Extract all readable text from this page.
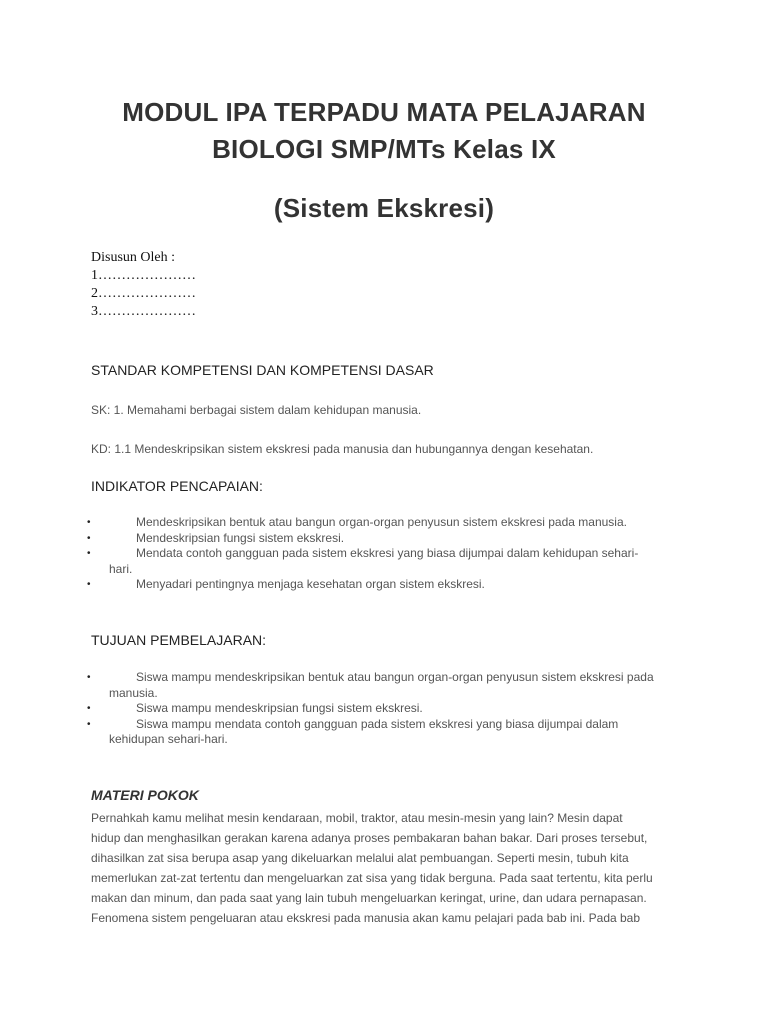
MODUL IPA TERPADU MATA PELAJARAN
BIOLOGI SMP/MTs Kelas IX
(Sistem Ekskresi)
Disusun Oleh :
1…………………
2…………………
3…………………
STANDAR KOMPETENSI DAN KOMPETENSI DASAR
SK: 1. Memahami berbagai sistem dalam kehidupan manusia.
KD: 1.1 Mendeskripsikan sistem ekskresi pada manusia dan hubungannya dengan kesehatan.
INDIKATOR PENCAPAIAN:
•	Mendeskripsikan bentuk atau bangun organ-organ penyusun sistem ekskresi pada manusia.
•	Mendeskripsian fungsi sistem ekskresi.
•	Mendata contoh gangguan pada sistem ekskresi yang biasa dijumpai dalam kehidupan sehari-
hari.
•	Menyadari pentingnya menjaga kesehatan organ sistem ekskresi.
TUJUAN PEMBELAJARAN:
•	Siswa mampu mendeskripsikan bentuk atau bangun organ-organ penyusun sistem ekskresi pada
manusia.
•	Siswa mampu mendeskripsian fungsi sistem ekskresi.
•	Siswa mampu mendata contoh gangguan pada sistem ekskresi yang biasa dijumpai dalam
kehidupan sehari-hari.
MATERI POKOK
Pernahkah kamu melihat mesin kendaraan, mobil, traktor, atau mesin-mesin yang lain? Mesin dapat
hidup dan menghasilkan gerakan karena adanya proses pembakaran bahan bakar. Dari proses tersebut,
dihasilkan zat sisa berupa asap yang dikeluarkan melalui alat pembuangan. Seperti mesin, tubuh kita
memerlukan zat-zat tertentu dan mengeluarkan zat sisa yang tidak berguna. Pada saat tertentu, kita perlu
makan dan minum, dan pada saat yang lain tubuh mengeluarkan keringat, urine, dan udara pernapasan.
Fenomena sistem pengeluaran atau ekskresi pada manusia akan kamu pelajari pada bab ini. Pada bab
